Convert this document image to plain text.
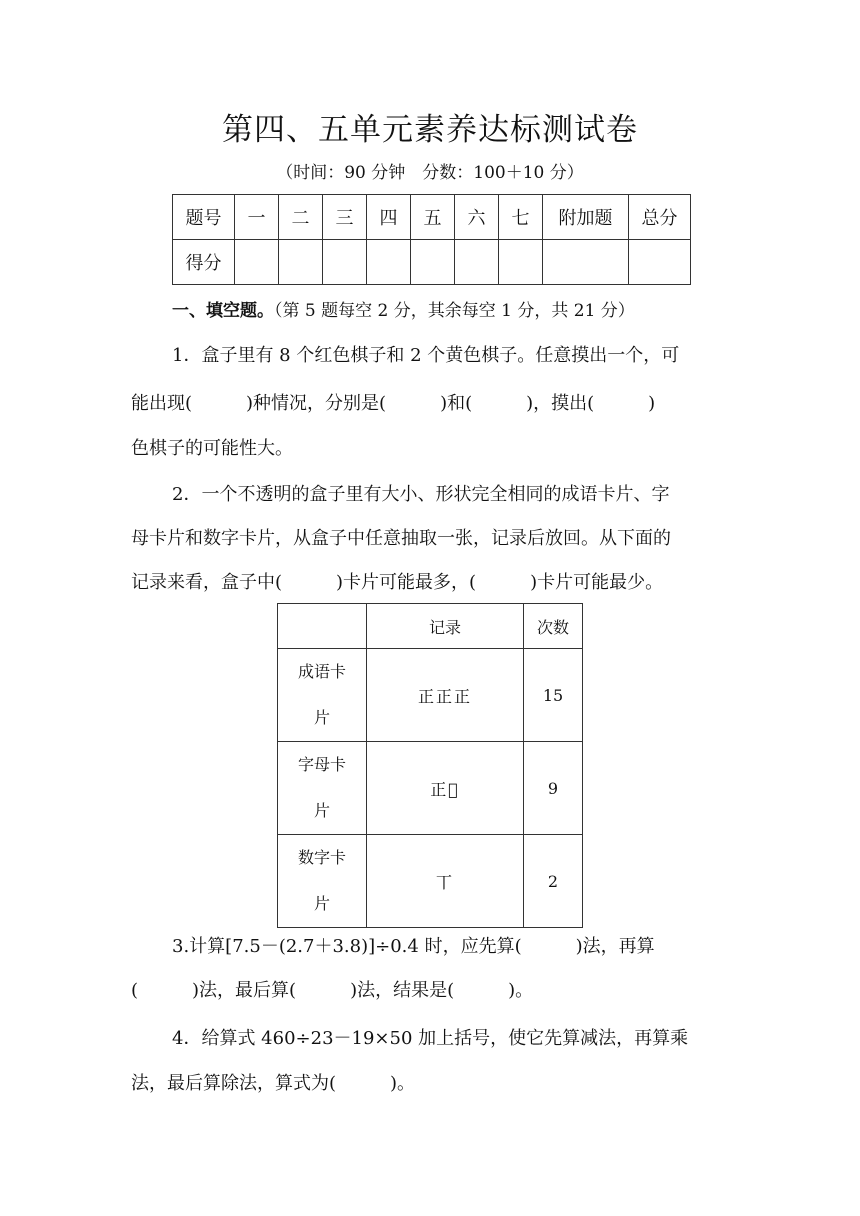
第四、五单元素养达标测试卷
（时间：90 分钟　分数：100＋10 分）
题号	一	二	三	四	五	六	七	附加题	总分
得分									
一、填空题。（第 5 题每空 2 分，其余每空 1 分，共 21 分）
1．盒子里有 8 个红色棋子和 2 个黄色棋子。任意摸出一个，可
能出现(　　　)种情况，分别是(　　　)和(　　　)，摸出(　　　)
色棋子的可能性大。
2．一个不透明的盒子里有大小、形状完全相同的成语卡片、字
母卡片和数字卡片，从盒子中任意抽取一张，记录后放回。从下面的
记录来看，盒子中(　　　)卡片可能最多，(　　　)卡片可能最少。
	记录	次数
成语卡
片	正正正	15
字母卡
片	正𠀂	9
数字卡
片	丅	2
3.计算[7.5－(2.7＋3.8)]÷0.4 时，应先算(　　　)法，再算
(　　　)法，最后算(　　　)法，结果是(　　　)。
4．给算式 460÷23－19×50 加上括号，使它先算减法，再算乘
法，最后算除法，算式为(　　　)。
